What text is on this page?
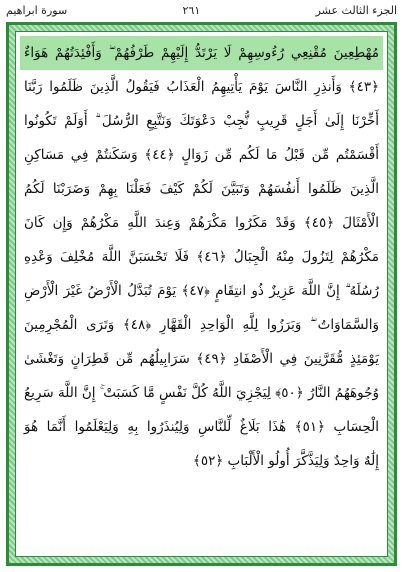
الجزء الثالث عشر
٢٦١
سورة ابراهيم
مُهْطِعِينَ مُقْنِعِي رُءُوسِهِمْ لَا يَرْتَدُّ إِلَيْهِمْ طَرْفُهُمْ ۖ وَأَفْئِدَتُهُمْ هَوَاءٌ
﴿٤٣﴾ وَأَنذِرِ النَّاسَ يَوْمَ يَأْتِيهِمُ الْعَذَابُ فَيَقُولُ الَّذِينَ ظَلَمُوا رَبَّنَا
أَخِّرْنَا إِلَىٰ أَجَلٍ قَرِيبٍ نُّجِبْ دَعْوَتَكَ وَنَتَّبِعِ الرُّسُلَ ۗ أَوَلَمْ تَكُونُوا
أَقْسَمْتُم مِّن قَبْلُ مَا لَكُم مِّن زَوَالٍ ﴿٤٤﴾ وَسَكَنتُمْ فِي مَسَاكِنِ
الَّذِينَ ظَلَمُوا أَنفُسَهُمْ وَتَبَيَّنَ لَكُمْ كَيْفَ فَعَلْنَا بِهِمْ وَضَرَبْنَا لَكُمُ
الْأَمْثَالَ ﴿٤٥﴾ وَقَدْ مَكَرُوا مَكْرَهُمْ وَعِندَ اللَّهِ مَكْرُهُمْ وَإِن كَانَ
مَكْرُهُمْ لِتَزُولَ مِنْهُ الْجِبَالُ ﴿٤٦﴾ فَلَا تَحْسَبَنَّ اللَّهَ مُخْلِفَ وَعْدِهِ
رُسُلَهُ ۗ إِنَّ اللَّهَ عَزِيزٌ ذُو انتِقَامٍ ﴿٤٧﴾ يَوْمَ تُبَدَّلُ الْأَرْضُ غَيْرَ الْأَرْضِ
وَالسَّمَاوَاتُ ۖ وَبَرَزُوا لِلَّهِ الْوَاحِدِ الْقَهَّارِ ﴿٤٨﴾ وَتَرَى الْمُجْرِمِينَ
يَوْمَئِذٍ مُّقَرَّنِينَ فِي الْأَصْفَادِ ﴿٤٩﴾ سَرَابِيلُهُم مِّن قَطِرَانٍ وَتَغْشَىٰ
وُجُوهَهُمُ النَّارُ ﴿٥٠﴾ لِيَجْزِيَ اللَّهُ كُلَّ نَفْسٍ مَّا كَسَبَتْ ۚ إِنَّ اللَّهَ سَرِيعُ
الْحِسَابِ ﴿٥١﴾ هَٰذَا بَلَاغٌ لِّلنَّاسِ وَلِيُنذَرُوا بِهِ وَلِيَعْلَمُوا أَنَّمَا هُوَ
إِلَٰهٌ وَاحِدٌ وَلِيَذَّكَّرَ أُولُو الْأَلْبَابِ ﴿٥٢﴾
